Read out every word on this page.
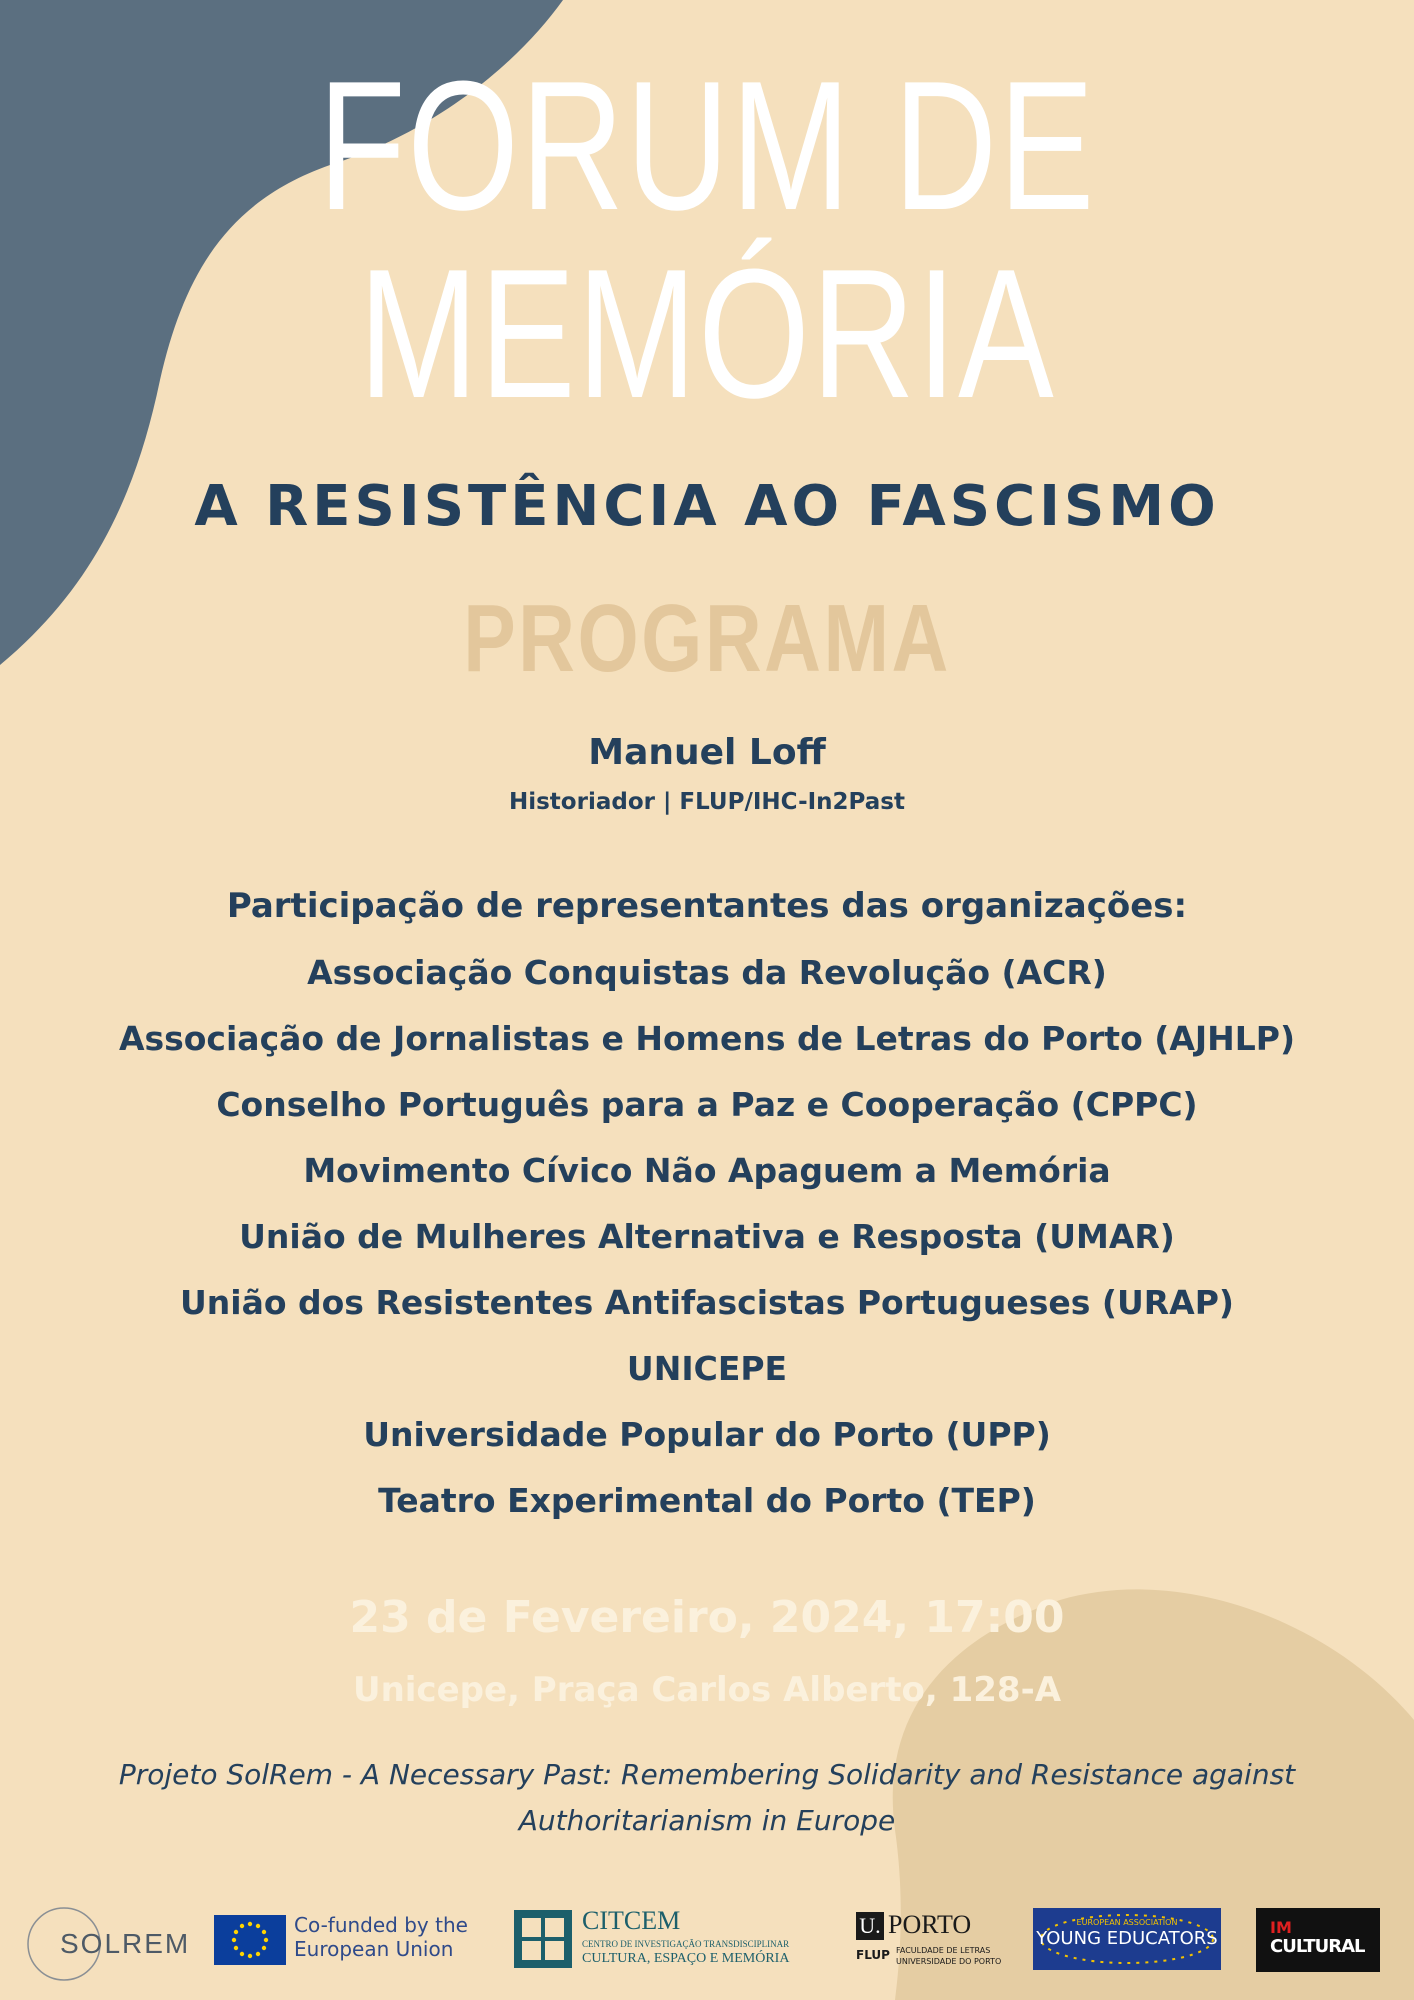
FORUM DE
MEMÓRIA
A RESISTÊNCIA AO FASCISMO
PROGRAMA
Manuel Loff
Historiador | FLUP/IHC-In2Past
Participação de representantes das organizações:
Associação Conquistas da Revolução (ACR)
Associação de Jornalistas e Homens de Letras do Porto (AJHLP)
Conselho Português para a Paz e Cooperação (CPPC)
Movimento Cívico Não Apaguem a Memória
União de Mulheres Alternativa e Resposta (UMAR)
União dos Resistentes Antifascistas Portugueses (URAP)
UNICEPE
Universidade Popular do Porto (UPP)
Teatro Experimental do Porto (TEP)
23 de Fevereiro, 2024, 17:00
Unicepe, Praça Carlos Alberto, 128-A
Projeto SolRem - A Necessary Past: Remembering Solidarity and Resistance against
Authoritarianism in Europe
SOLREM
Co-funded by the
European Union
CITCEM
CENTRO DE INVESTIGAÇÃO TRANSDISCIPLINAR
CULTURA, ESPAÇO E MEMÓRIA
U. PORTO
FLUP FACULDADE DE LETRAS
UNIVERSIDADE DO PORTO
EUROPEAN ASSOCIATION
YOUNG EDUCATORS
IM
CULTURAL
